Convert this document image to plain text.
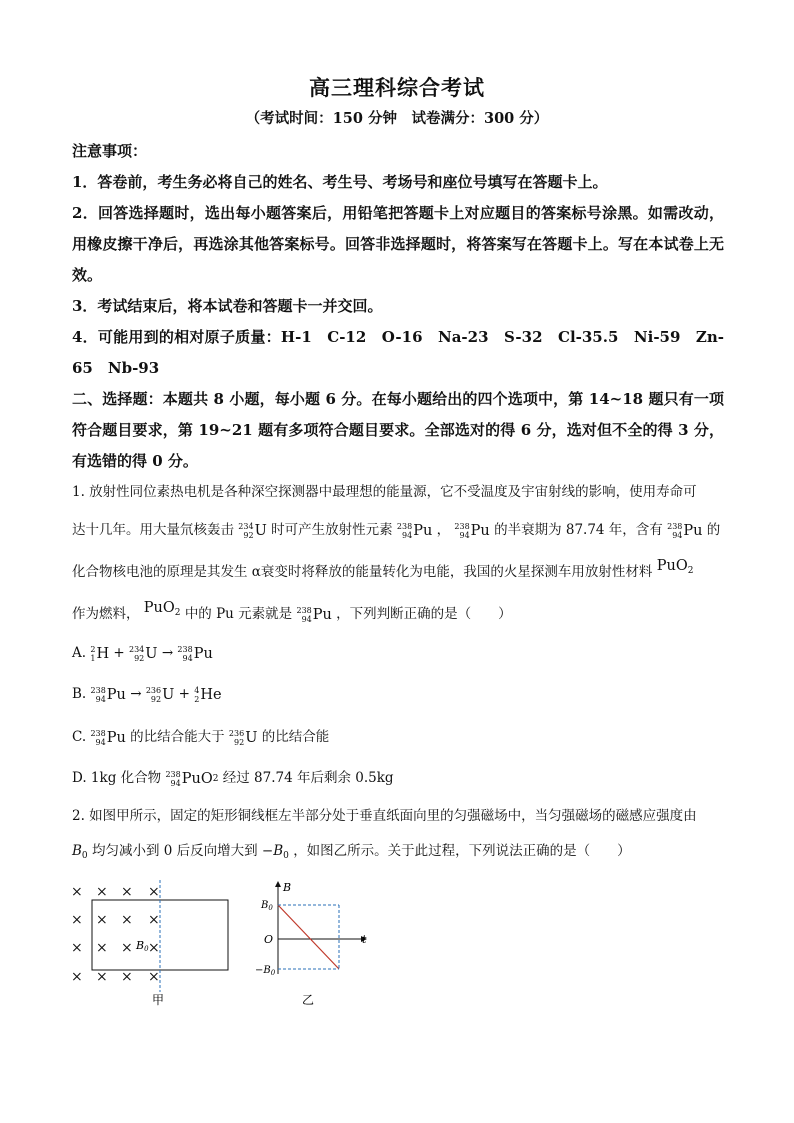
高三理科综合考试
（考试时间：150 分钟　试卷满分：300 分）
注意事项：
1．答卷前，考生务必将自己的姓名、考生号、考场号和座位号填写在答题卡上。
2．回答选择题时，选出每小题答案后，用铅笔把答题卡上对应题目的答案标号涂黑。如需改动，用橡皮擦干净后，再选涂其他答案标号。回答非选择题时，将答案写在答题卡上。写在本试卷上无效。
3．考试结束后，将本试卷和答题卡一并交回。
4．可能用到的相对原子质量：H-1　C-12　O-16　Na-23　S-32　Cl-35.5　Ni-59　Zn-65　Nb-93
二、选择题：本题共 8 小题，每小题 6 分。在每小题给出的四个选项中，第 14~18 题只有一项符合题目要求，第 19~21 题有多项符合题目要求。全部选对的得 6 分，选对但不全的得 3 分，有选错的得 0 分。
1. 放射性同位素热电机是各种深空探测器中最理想的能量源，它不受温度及宇宙射线的影响，使用寿命可
达十几年。用大量氘核轰击 234
92 U 时可产生放射性元素 238
94 Pu ， 238
94 Pu 的半衰期为 87.74 年，含有 238
94 Pu 的
化合物核电池的原理是其发生 α衰变时将释放的能量转化为电能，我国的火星探测车用放射性材料 PuO$_2$
作为燃料， PuO$_2$ 中的 Pu 元素就是 238
94 Pu ，下列判断正确的是（　　）
A. 2
1 H + 234
92 U → 238
94 Pu
B. 238
94 Pu → 236
92 U + 4
2 He
C. 238
94 Pu 的比结合能大于 236
92 U 的比结合能
D. 1kg 化合物 238
94 PuO 2 经过 87.74 年后剩余 0.5kg
2. 如图甲所示，固定的矩形铜线框左半部分处于垂直纸面向里的匀强磁场中，当匀强磁场的磁感应强度由
$B_0$ 均匀减小到 0 后反向增大到 $-B_0$ ，如图乙所示。关于此过程，下列说法正确的是（　　）
× × × ×
× × × ×
× × × ×
× × × ×
B0
甲
B
t
O
$B_0$
$-B_0$
乙
